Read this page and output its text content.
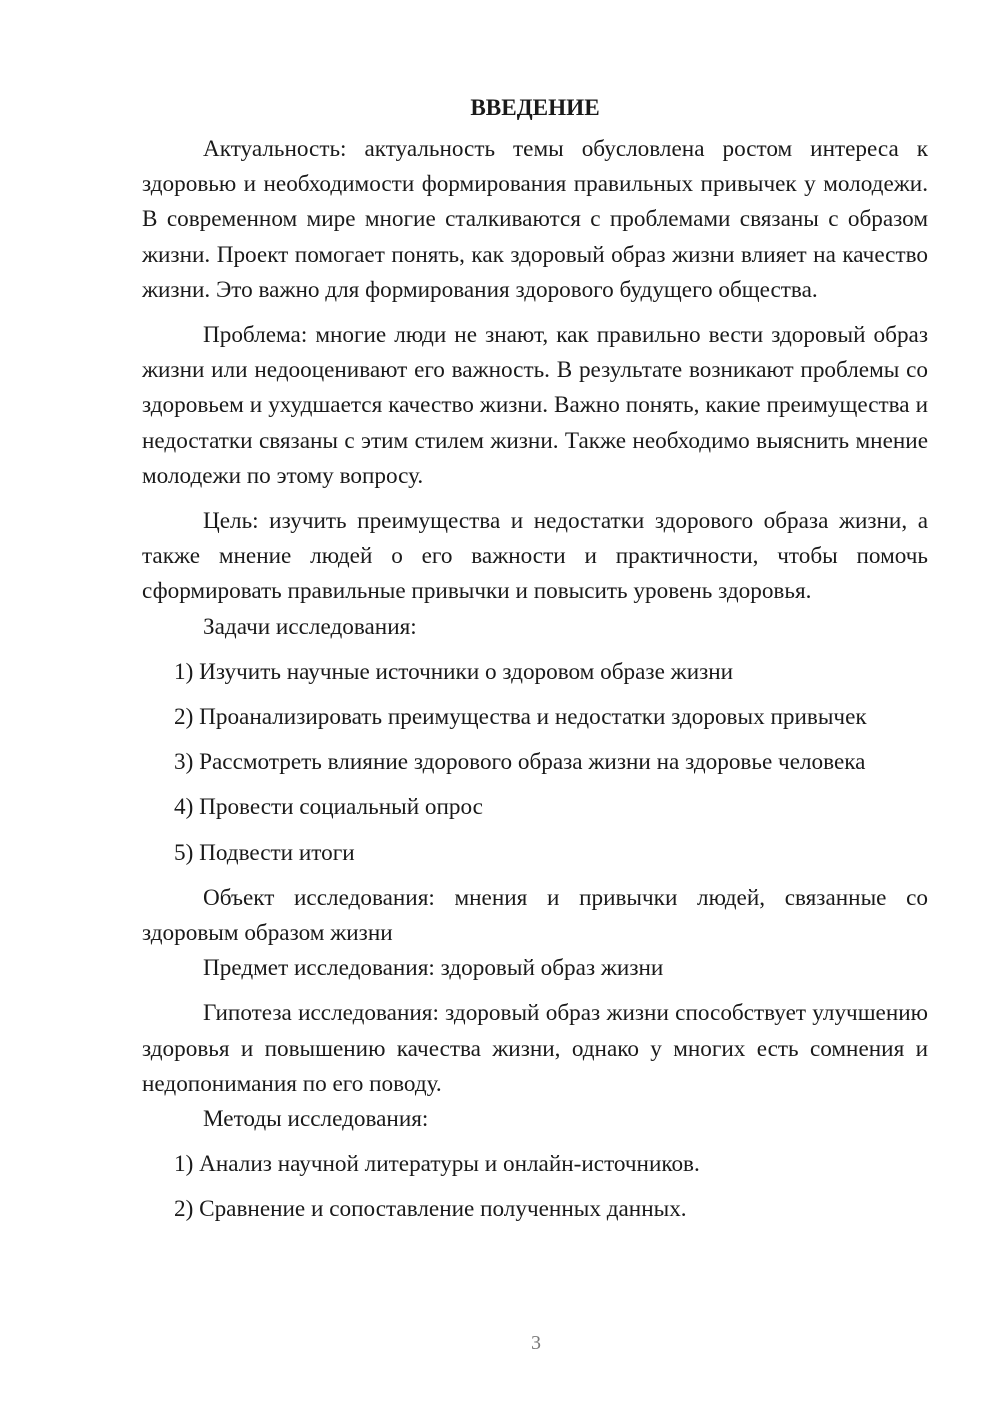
ВВЕДЕНИЕ

Актуальность: актуальность темы обусловлена ростом интереса к здоровью и необходимости формирования правильных привычек у молодежи. В современном мире многие сталкиваются с проблемами связаны с образом жизни. Проект помогает понять, как здоровый образ жизни влияет на качество жизни. Это важно для формирования здорового будущего общества.

Проблема: многие люди не знают, как правильно вести здоровый образ жизни или недооценивают его важность. В результате возникают проблемы со здоровьем и ухудшается качество жизни. Важно понять, какие преимущества и недостатки связаны с этим стилем жизни. Также необходимо выяснить мнение молодежи по этому вопросу.

Цель: изучить преимущества и недостатки здорового образа жизни, а также мнение людей о его важности и практичности, чтобы помочь сформировать правильные привычки и повысить уровень здоровья.

Задачи исследования:

1) Изучить научные источники о здоровом образе жизни

2) Проанализировать преимущества и недостатки здоровых привычек

3) Рассмотреть влияние здорового образа жизни на здоровье человека

4) Провести социальный опрос

5) Подвести итоги

Объект исследования: мнения и привычки людей, связанные со здоровым образом жизни

Предмет исследования: здоровый образ жизни

Гипотеза исследования: здоровый образ жизни способствует улучшению здоровья и повышению качества жизни, однако у многих есть сомнения и недопонимания по его поводу.

Методы исследования:

1) Анализ научной литературы и онлайн-источников.

2) Сравнение и сопоставление полученных данных.

3
